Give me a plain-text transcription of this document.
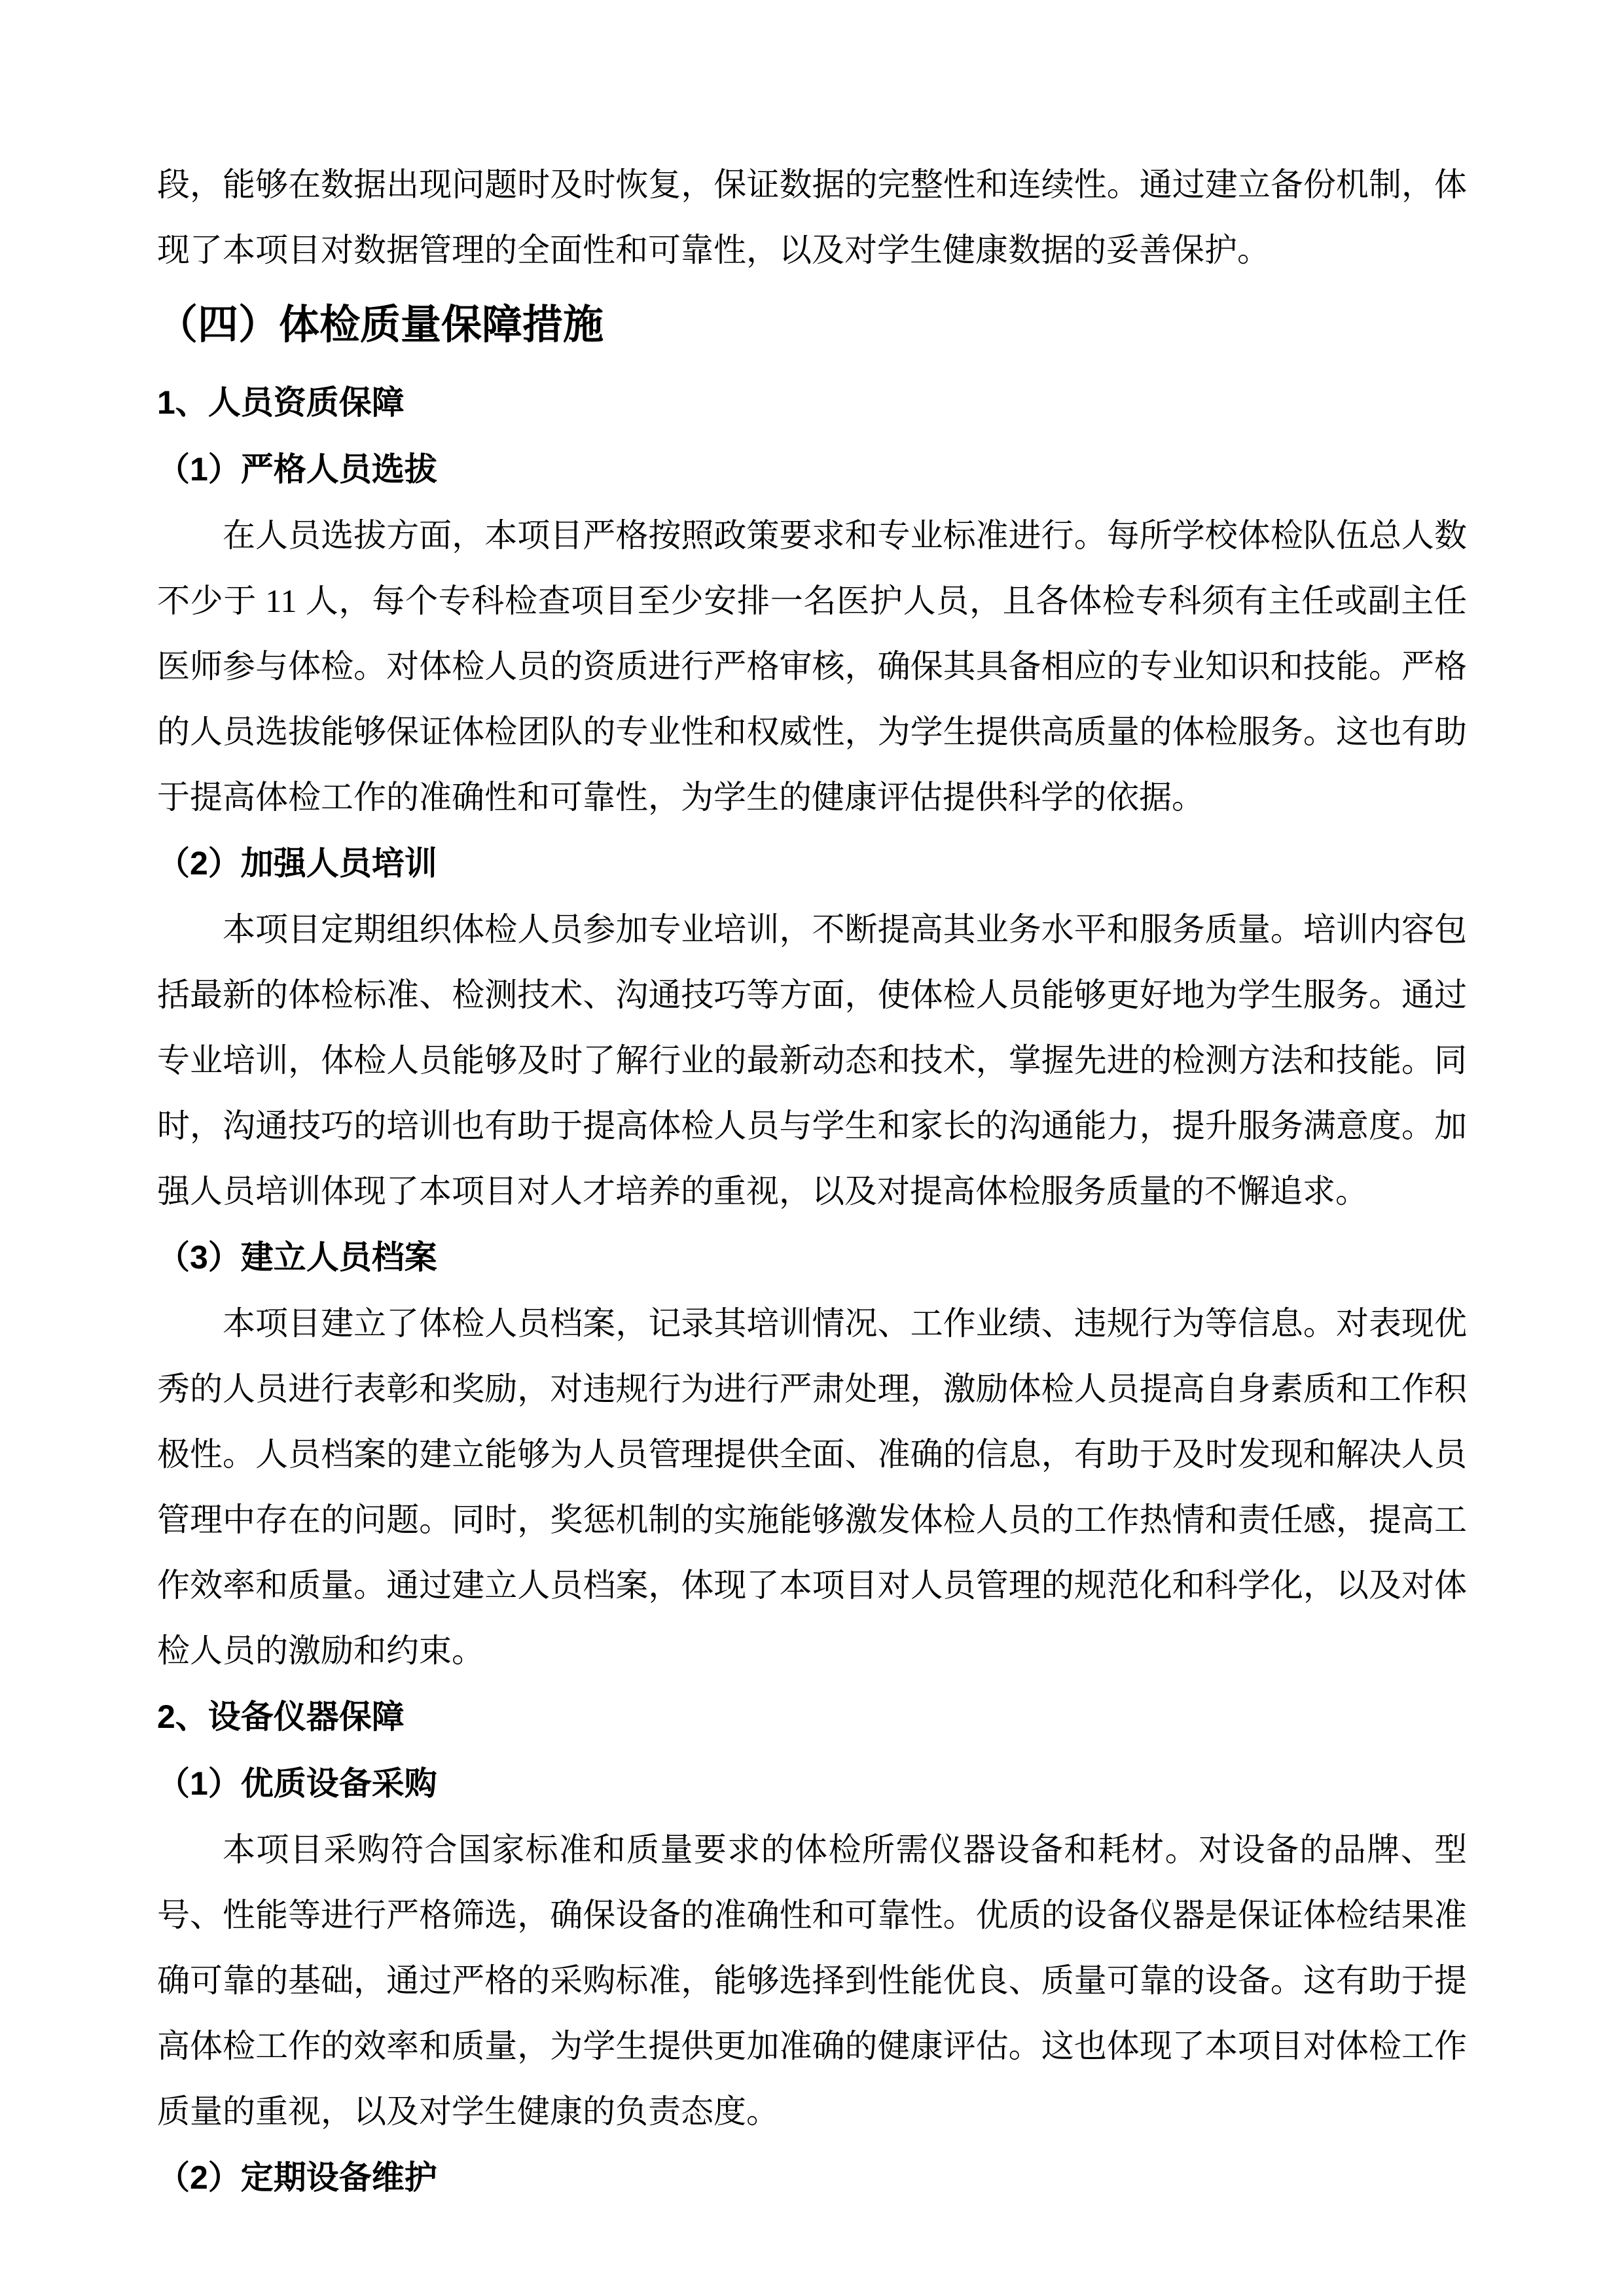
段，能够在数据出现问题时及时恢复，保证数据的完整性和连续性。通过建立备份机制，体现了本项目对数据管理的全面性和可靠性，以及对学生健康数据的妥善保护。

（四）体检质量保障措施
1、人员资质保障
（1）严格人员选拔

在人员选拔方面，本项目严格按照政策要求和专业标准进行。每所学校体检队伍总人数不少于 11 人，每个专科检查项目至少安排一名医护人员，且各体检专科须有主任或副主任医师参与体检。对体检人员的资质进行严格审核，确保其具备相应的专业知识和技能。严格的人员选拔能够保证体检团队的专业性和权威性，为学生提供高质量的体检服务。这也有助于提高体检工作的准确性和可靠性，为学生的健康评估提供科学的依据。

（2）加强人员培训

本项目定期组织体检人员参加专业培训，不断提高其业务水平和服务质量。培训内容包括最新的体检标准、检测技术、沟通技巧等方面，使体检人员能够更好地为学生服务。通过专业培训，体检人员能够及时了解行业的最新动态和技术，掌握先进的检测方法和技能。同时，沟通技巧的培训也有助于提高体检人员与学生和家长的沟通能力，提升服务满意度。加强人员培训体现了本项目对人才培养的重视，以及对提高体检服务质量的不懈追求。

（3）建立人员档案

本项目建立了体检人员档案，记录其培训情况、工作业绩、违规行为等信息。对表现优秀的人员进行表彰和奖励，对违规行为进行严肃处理，激励体检人员提高自身素质和工作积极性。人员档案的建立能够为人员管理提供全面、准确的信息，有助于及时发现和解决人员管理中存在的问题。同时，奖惩机制的实施能够激发体检人员的工作热情和责任感，提高工作效率和质量。通过建立人员档案，体现了本项目对人员管理的规范化和科学化，以及对体检人员的激励和约束。

2、设备仪器保障
（1）优质设备采购

本项目采购符合国家标准和质量要求的体检所需仪器设备和耗材。对设备的品牌、型号、性能等进行严格筛选，确保设备的准确性和可靠性。优质的设备仪器是保证体检结果准确可靠的基础，通过严格的采购标准，能够选择到性能优良、质量可靠的设备。这有助于提高体检工作的效率和质量，为学生提供更加准确的健康评估。这也体现了本项目对体检工作质量的重视，以及对学生健康的负责态度。

（2）定期设备维护
